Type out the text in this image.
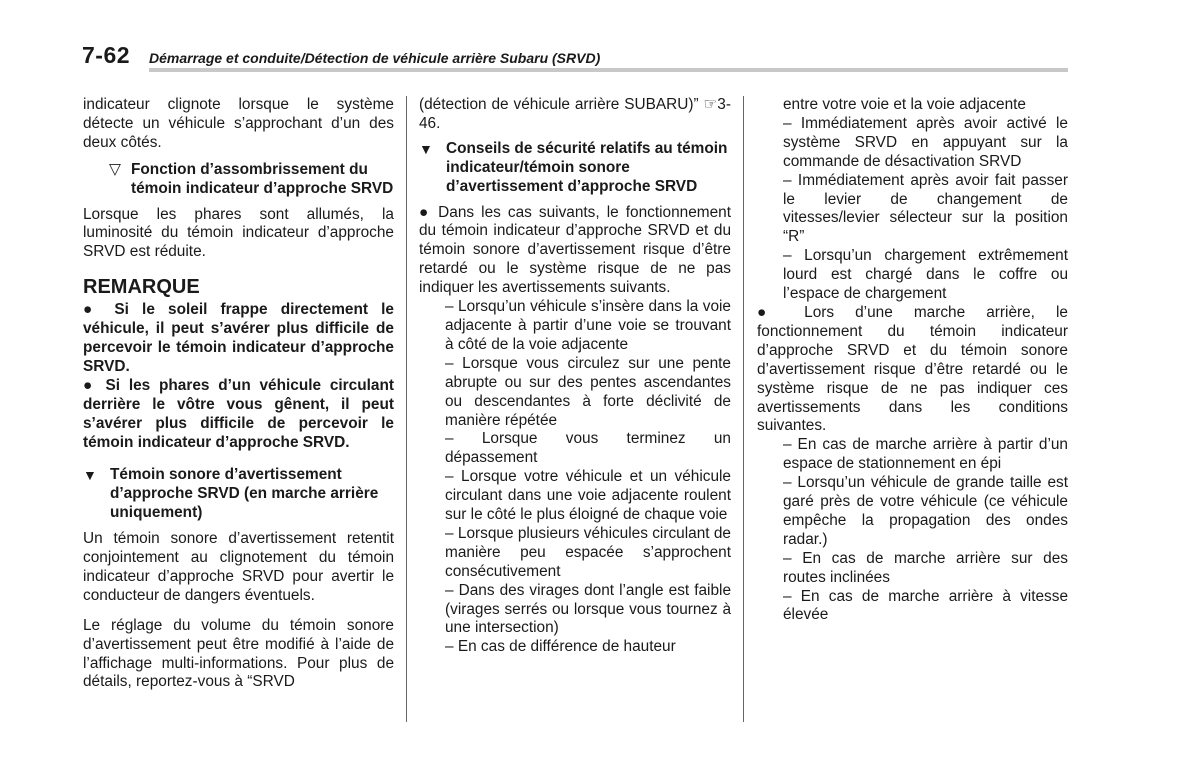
7-62 Démarrage et conduite/Détection de véhicule arrière Subaru (SRVD)

indicateur clignote lorsque le système détecte un véhicule s’approchant d’un des deux côtés.

▽ Fonction d’assombrissement du témoin indicateur d’approche SRVD

Lorsque les phares sont allumés, la luminosité du témoin indicateur d’approche SRVD est réduite.

REMARQUE

● Si le soleil frappe directement le véhicule, il peut s’avérer plus difficile de percevoir le témoin indicateur d’approche SRVD.

● Si les phares d’un véhicule circulant derrière le vôtre vous gênent, il peut s’avérer plus difficile de percevoir le témoin indicateur d’approche SRVD.

▼ Témoin sonore d’avertissement d’approche SRVD (en marche arrière uniquement)

Un témoin sonore d’avertissement retentit conjointement au clignotement du témoin indicateur d’approche SRVD pour avertir le conducteur de dangers éventuels.

Le réglage du volume du témoin sonore d’avertissement peut être modifié à l’aide de l’affichage multi-informations. Pour plus de détails, reportez-vous à “SRVD

(détection de véhicule arrière SUBARU)” ☞3-46.

▼ Conseils de sécurité relatifs au témoin indicateur/témoin sonore d’avertissement d’approche SRVD

● Dans les cas suivants, le fonctionnement du témoin indicateur d’approche SRVD et du témoin sonore d’avertissement risque d’être retardé ou le système risque de ne pas indiquer les avertissements suivants.

– Lorsqu’un véhicule s’insère dans la voie adjacente à partir d’une voie se trouvant à côté de la voie adjacente

– Lorsque vous circulez sur une pente abrupte ou sur des pentes ascendantes ou descendantes à forte déclivité de manière répétée

– Lorsque vous terminez un dépassement

– Lorsque votre véhicule et un véhicule circulant dans une voie adjacente roulent sur le côté le plus éloigné de chaque voie

– Lorsque plusieurs véhicules circulant de manière peu espacée s’approchent consécutivement

– Dans des virages dont l’angle est faible (virages serrés ou lorsque vous tournez à une intersection)

– En cas de différence de hauteur

entre votre voie et la voie adjacente

– Immédiatement après avoir activé le système SRVD en appuyant sur la commande de désactivation SRVD

– Immédiatement après avoir fait passer le levier de changement de vitesses/levier sélecteur sur la position “R”

– Lorsqu’un chargement extrêmement lourd est chargé dans le coffre ou l’espace de chargement

● Lors d’une marche arrière, le fonctionnement du témoin indicateur d’approche SRVD et du témoin sonore d’avertissement risque d’être retardé ou le système risque de ne pas indiquer ces avertissements dans les conditions suivantes.

– En cas de marche arrière à partir d’un espace de stationnement en épi

– Lorsqu’un véhicule de grande taille est garé près de votre véhicule (ce véhicule empêche la propagation des ondes radar.)

– En cas de marche arrière sur des routes inclinées

– En cas de marche arrière à vitesse élevée
